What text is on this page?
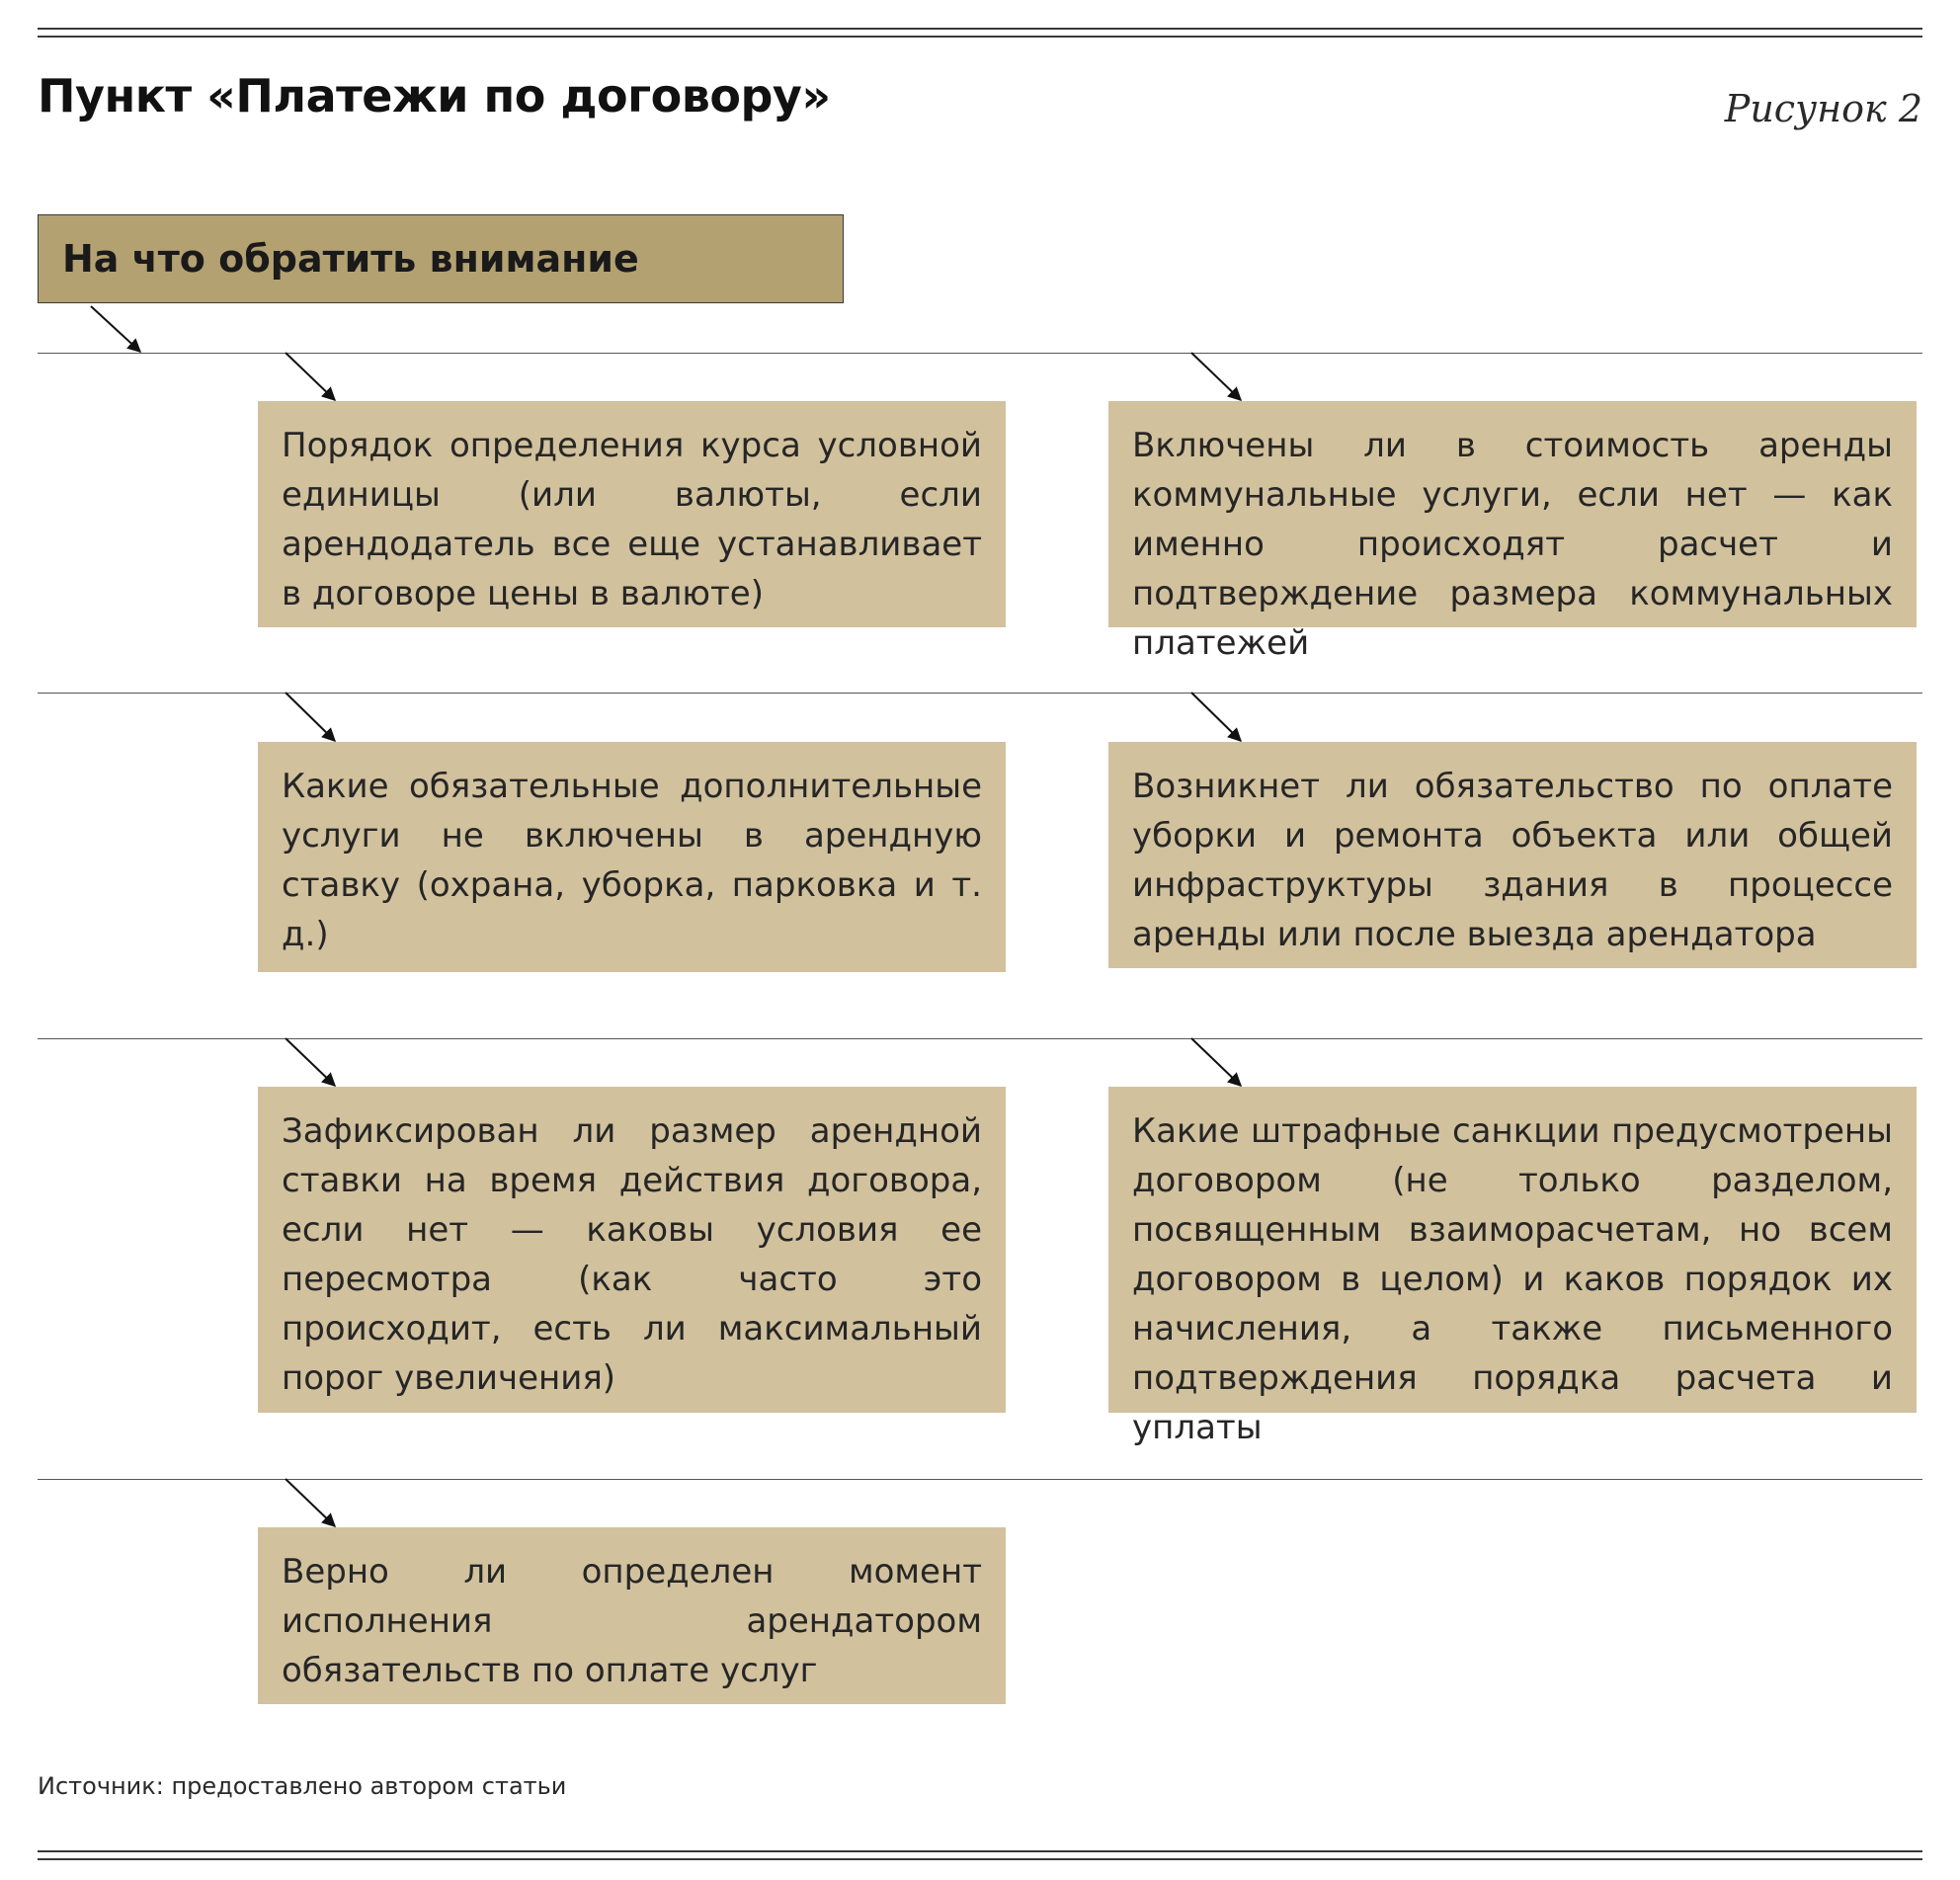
Пункт «Платежи по договору»	Рисунок 2
На что обратить внимание
Порядок определения курса условной единицы (или валюты, если арендодатель все еще устанавливает в договоре цены в валюте)
Включены ли в стоимость аренды коммунальные услуги, если нет — как именно происходят расчет и подтверждение размера коммунальных платежей
Какие обязательные дополнительные услуги не включены в арендную ставку (охрана, уборка, парковка и т. д.)
Возникнет ли обязательство по оплате уборки и ремонта объекта или общей инфраструктуры здания в процессе аренды или после выезда арендатора
Зафиксирован ли размер арендной ставки на время действия договора, если нет — каковы условия ее пересмотра (как часто это происходит, есть ли максимальный порог увеличения)
Какие штрафные санкции предусмотрены договором (не только разделом, посвященным взаиморасчетам, но всем договором в целом) и каков порядок их начисления, а также письменного подтверждения порядка расчета и уплаты
Верно ли определен момент исполнения арендатором обязательств по оплате услуг
Источник: предоставлено автором статьи
